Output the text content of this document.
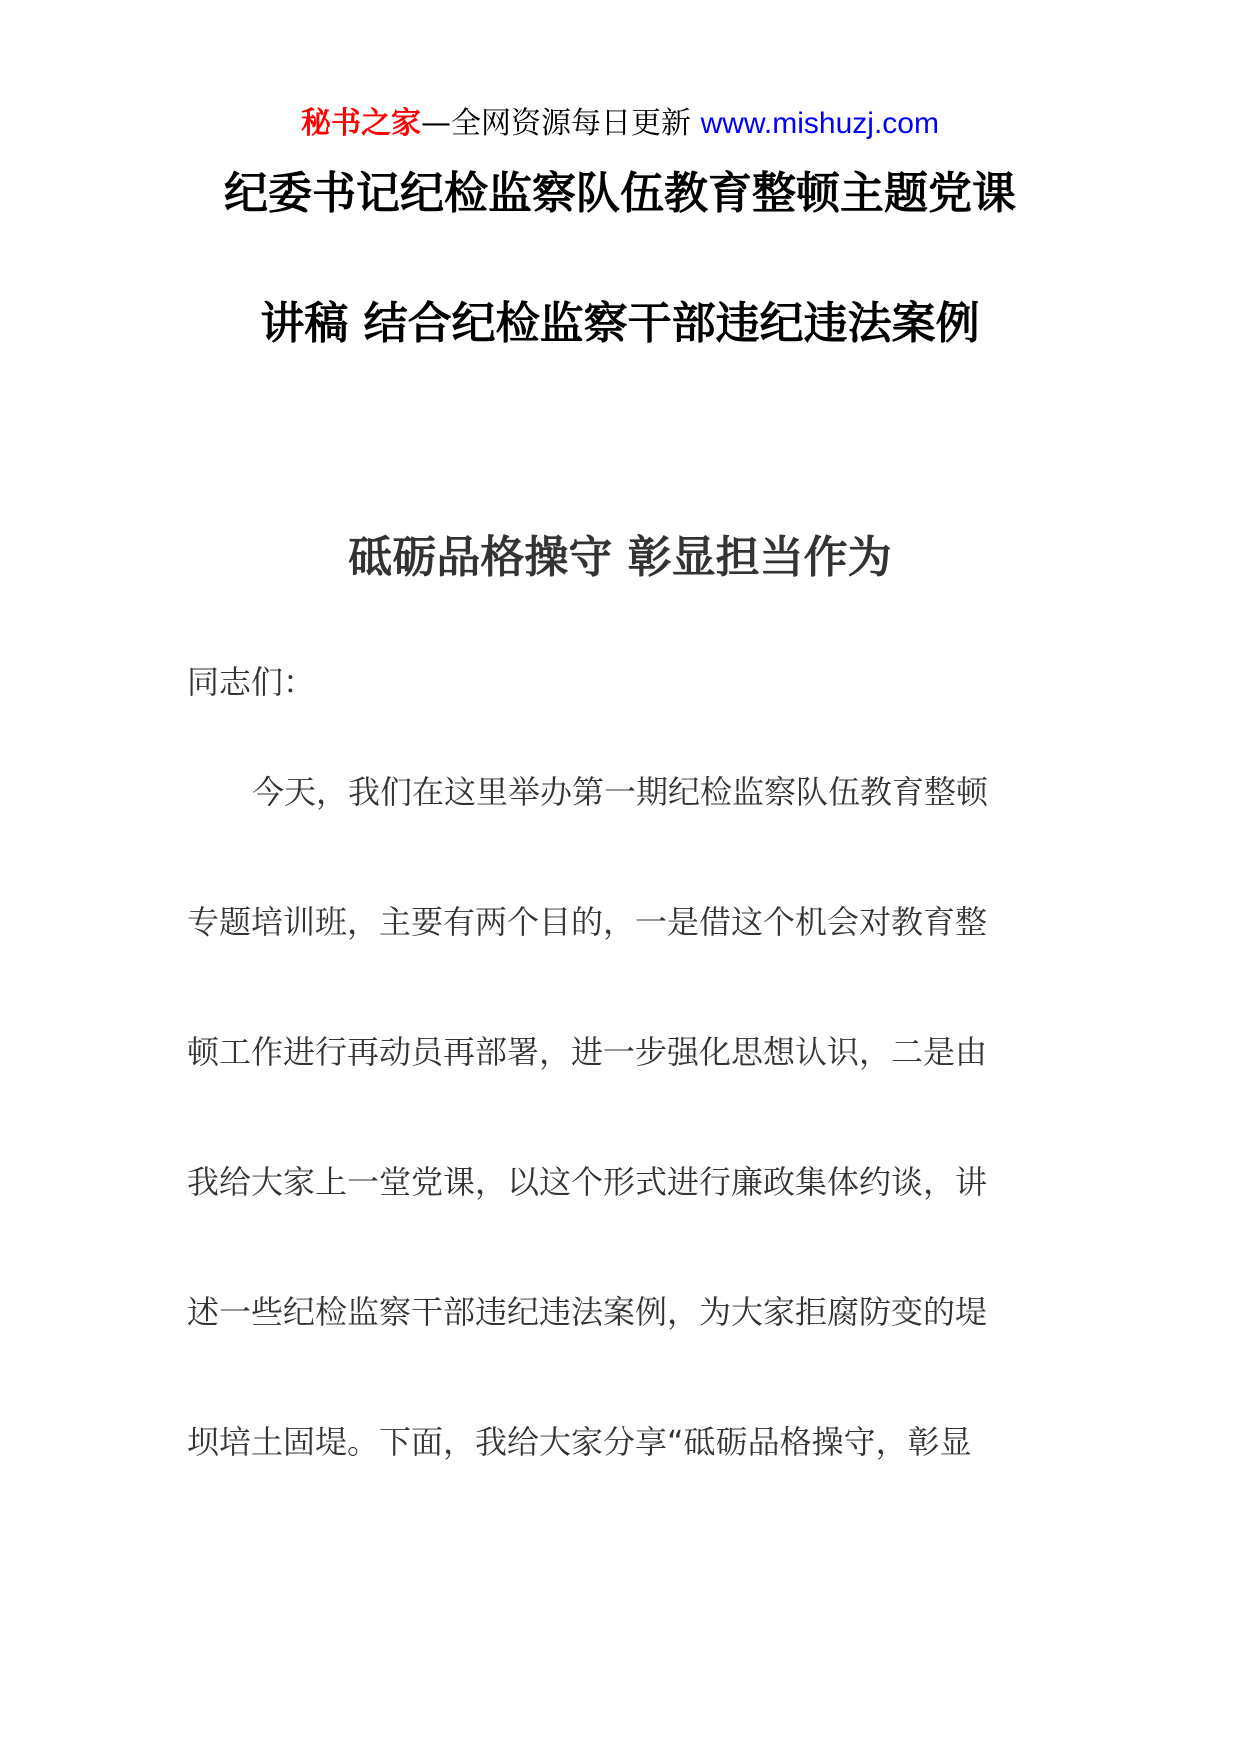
秘书之家—全网资源每日更新 www.mishuzj.com
纪委书记纪检监察队伍教育整顿主题党课
讲稿 结合纪检监察干部违纪违法案例
砥砺品格操守 彰显担当作为
同志们：
今天，我们在这里举办第一期纪检监察队伍教育整顿
专题培训班，主要有两个目的，一是借这个机会对教育整
顿工作进行再动员再部署，进一步强化思想认识，二是由
我给大家上一堂党课，以这个形式进行廉政集体约谈，讲
述一些纪检监察干部违纪违法案例，为大家拒腐防变的堤
坝培土固堤。下面，我给大家分享“砥砺品格操守，彰显
